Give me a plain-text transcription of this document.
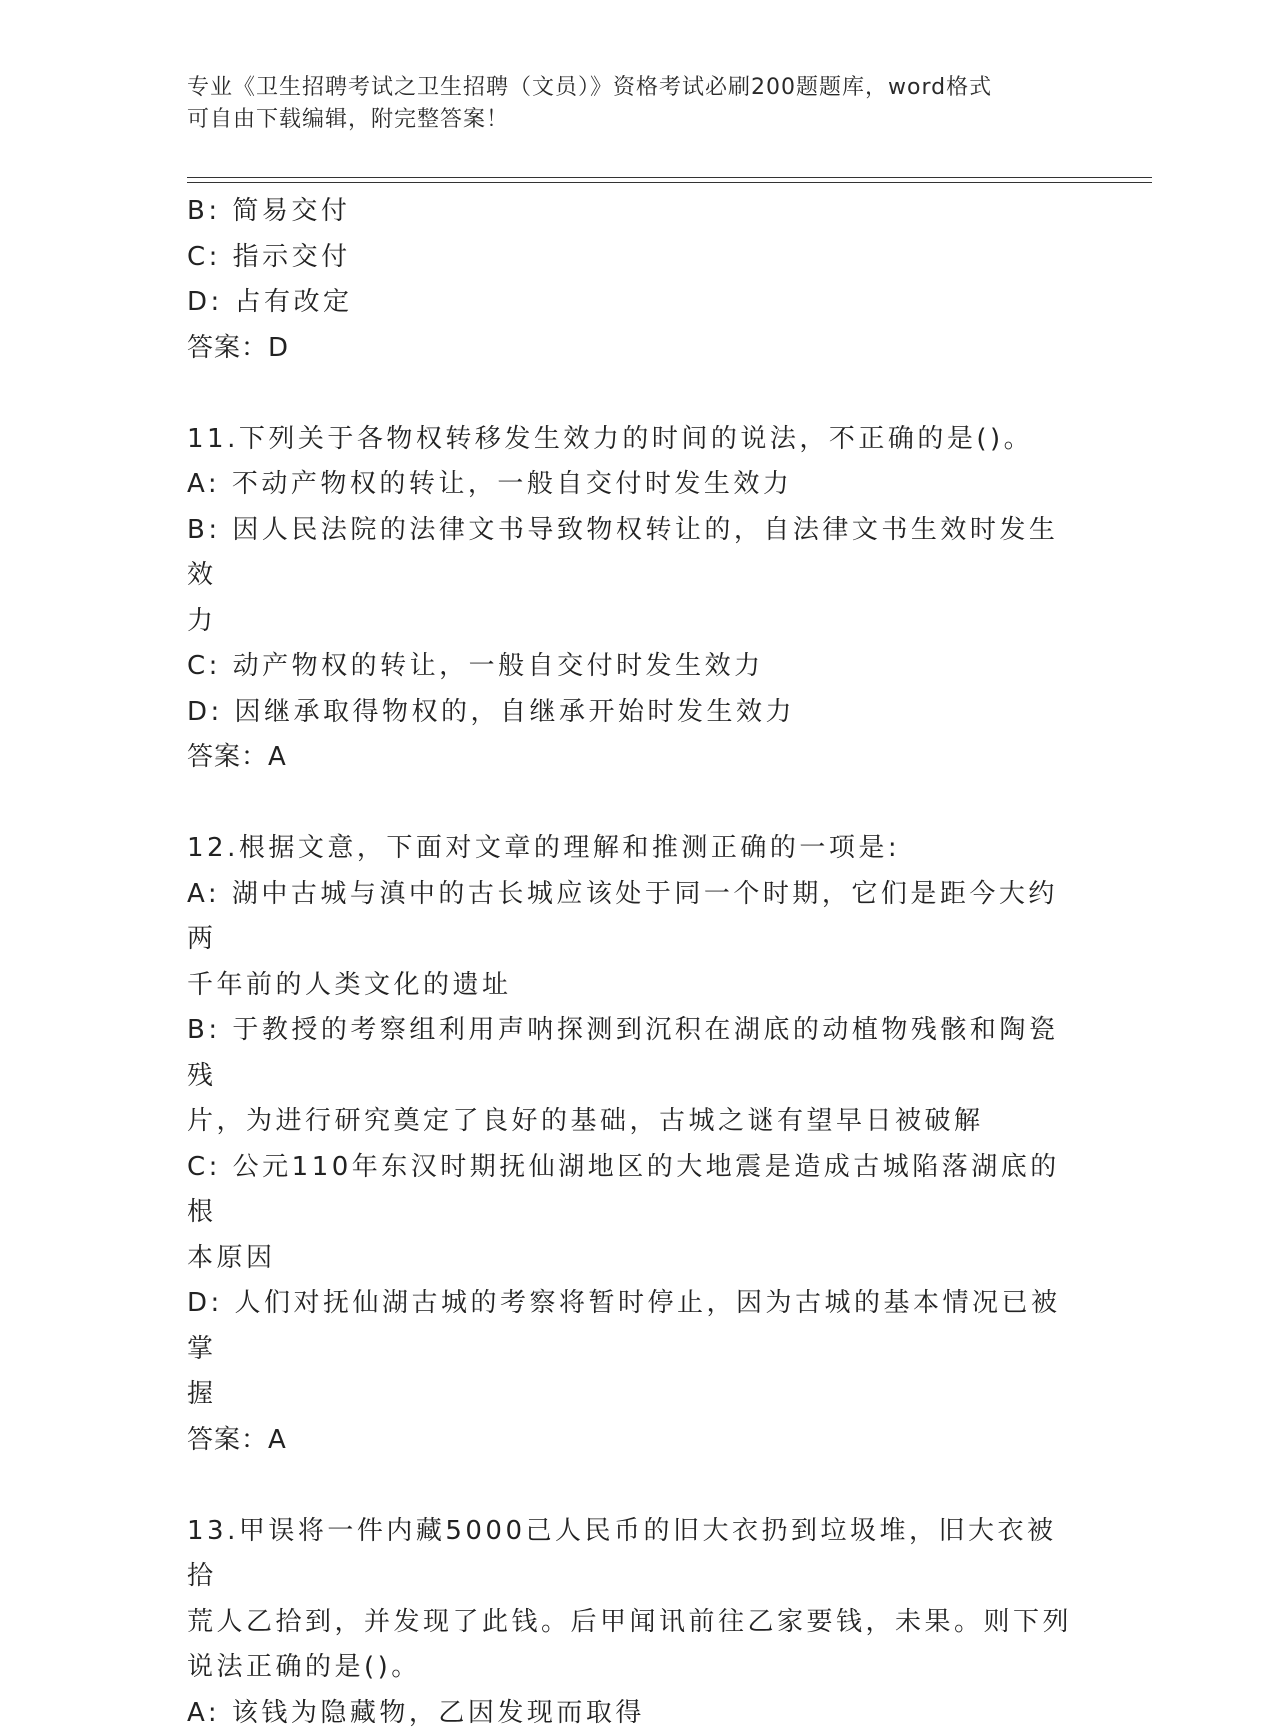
专业《卫生招聘考试之卫生招聘（文员）》资格考试必刷200题题库，word格式
可自由下载编辑，附完整答案！
B: 简易交付
C: 指示交付
D: 占有改定
答案：D
11.下列关于各物权转移发生效力的时间的说法，不正确的是()。
A: 不动产物权的转让，一般自交付时发生效力
B: 因人民法院的法律文书导致物权转让的，自法律文书生效时发生效
力
C: 动产物权的转让，一般自交付时发生效力
D: 因继承取得物权的，自继承开始时发生效力
答案：A
12.根据文意，下面对文章的理解和推测正确的一项是:
A: 湖中古城与滇中的古长城应该处于同一个时期，它们是距今大约两
千年前的人类文化的遗址
B: 于教授的考察组利用声呐探测到沉积在湖底的动植物残骸和陶瓷残
片，为进行研究奠定了良好的基础，古城之谜有望早日被破解
C: 公元110年东汉时期抚仙湖地区的大地震是造成古城陷落湖底的根
本原因
D: 人们对抚仙湖古城的考察将暂时停止，因为古城的基本情况已被掌
握
答案：A
13.甲误将一件内藏5000己人民币的旧大衣扔到垃圾堆，旧大衣被拾
荒人乙拾到，并发现了此钱。后甲闻讯前往乙家要钱，未果。则下列
说法正确的是()。
A: 该钱为隐藏物，乙因发现而取得
